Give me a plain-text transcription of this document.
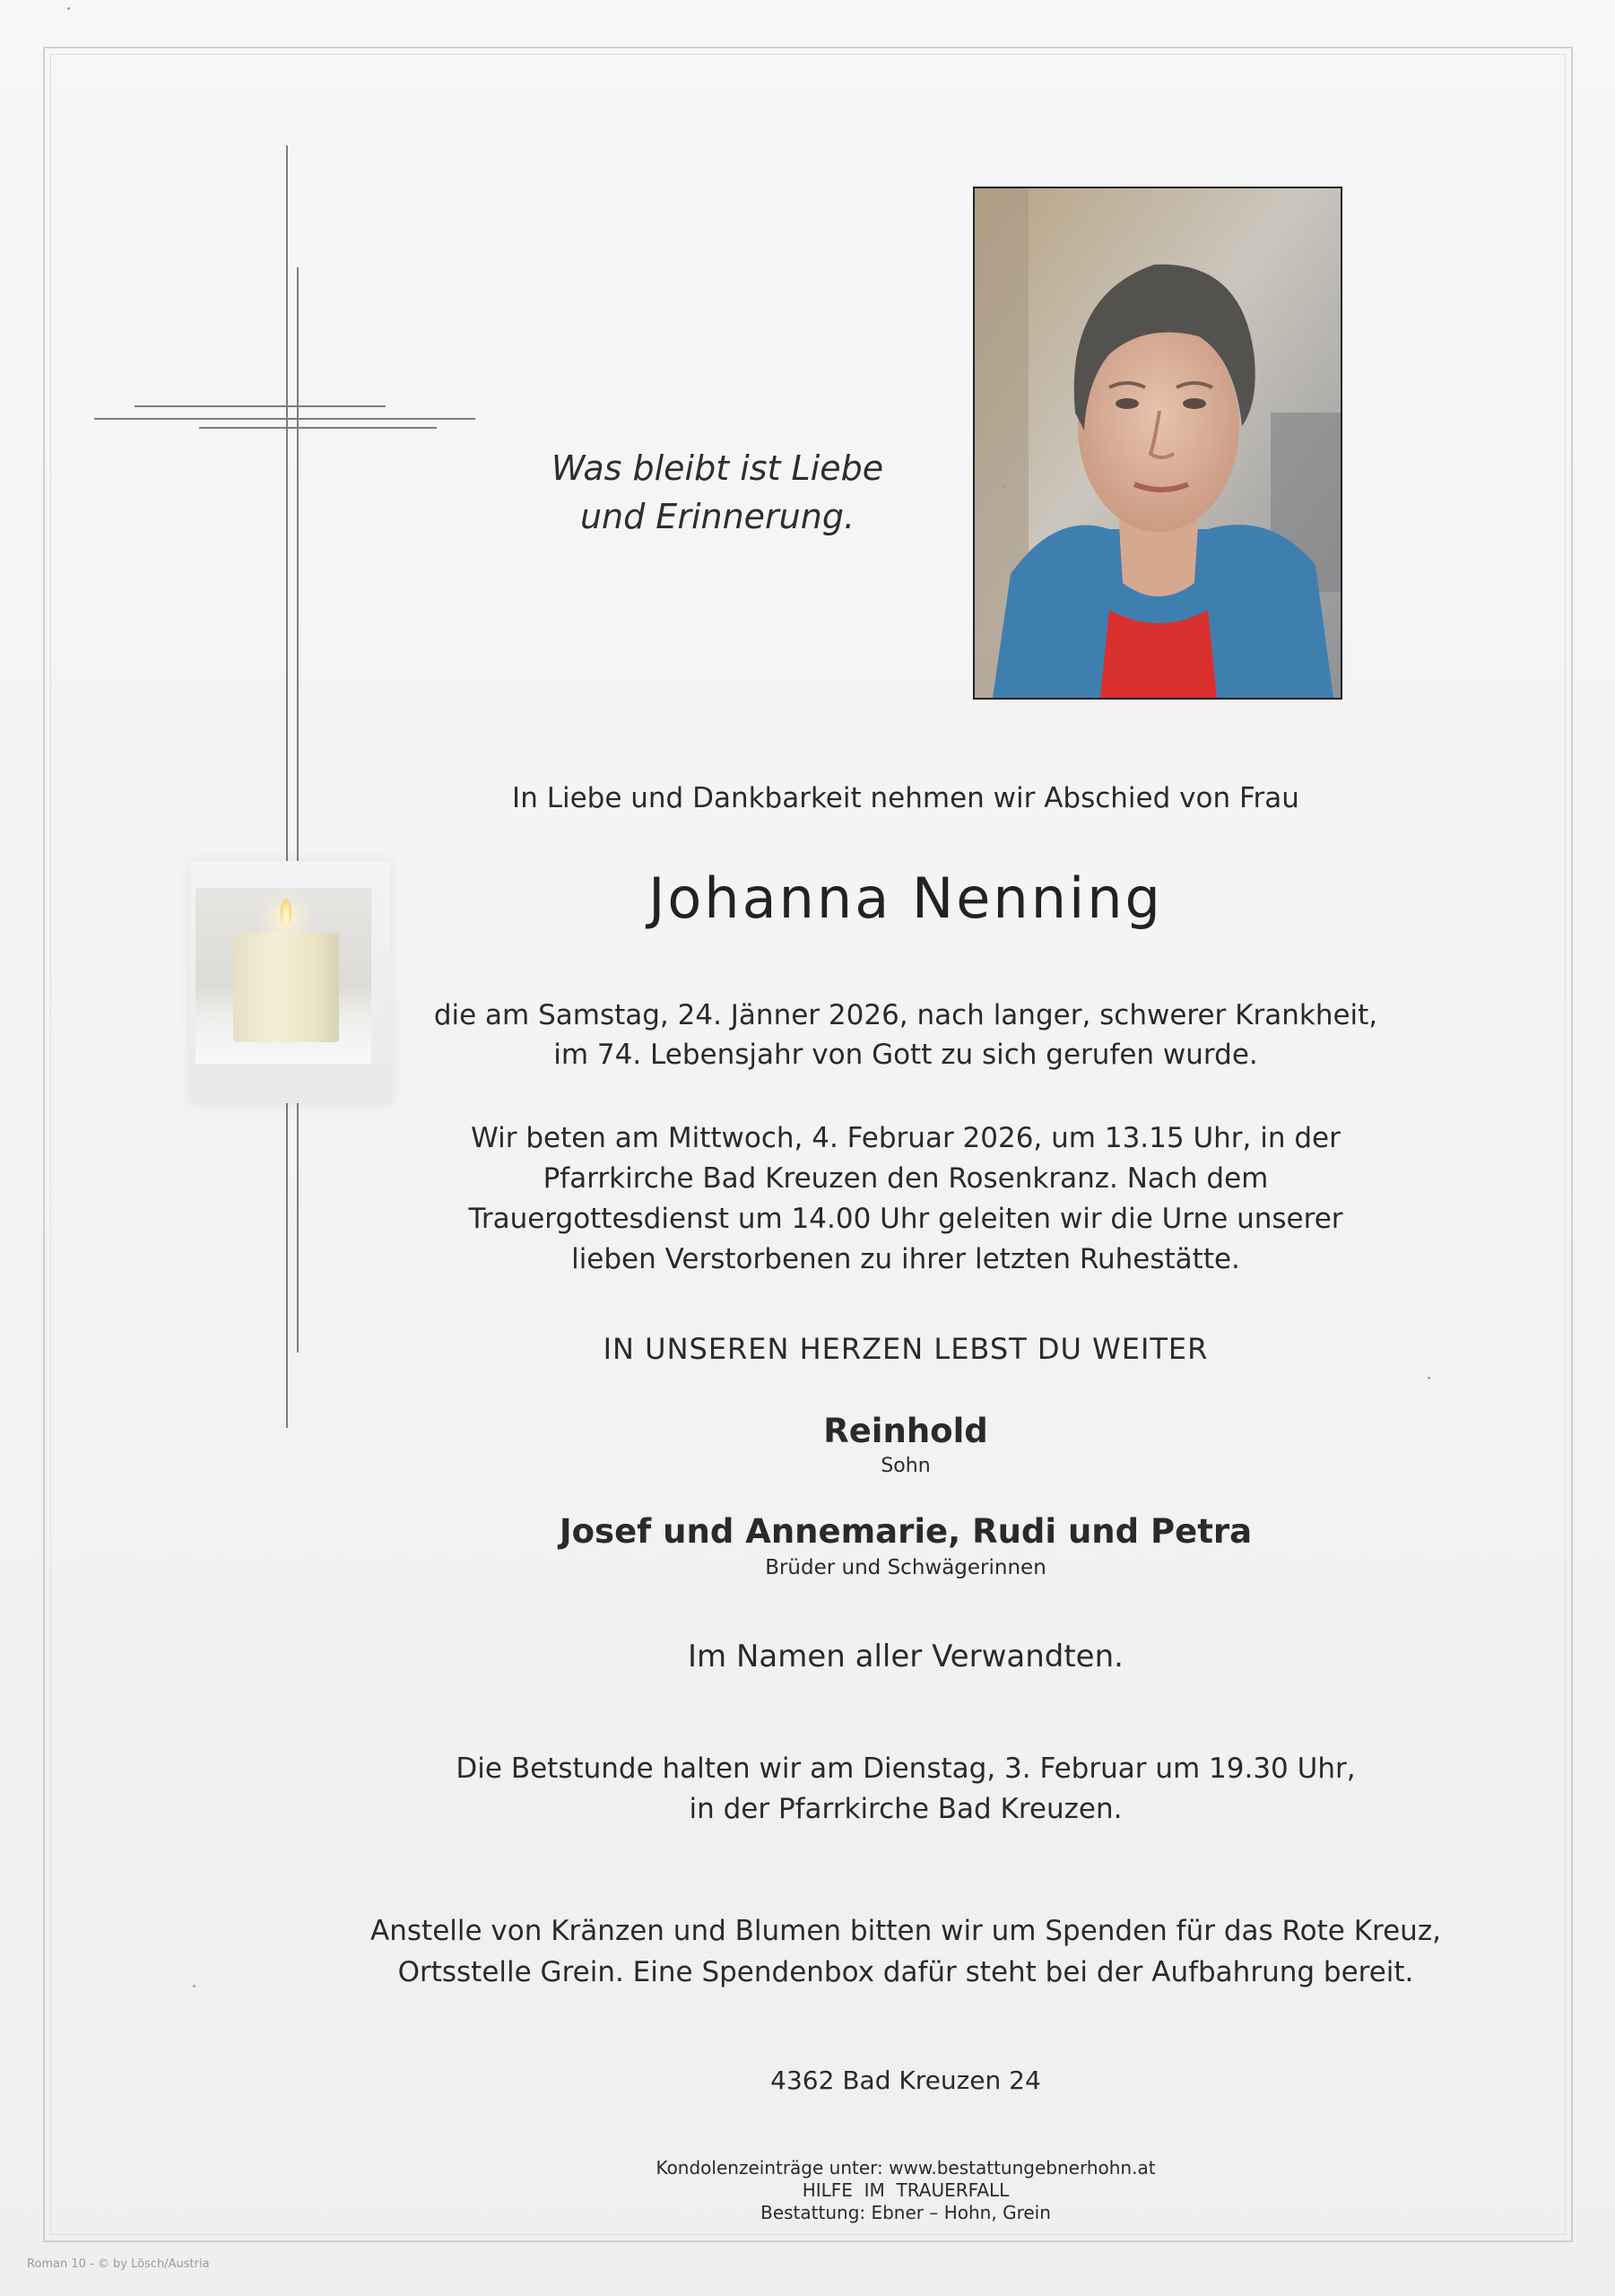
Was bleibt ist Liebe
und Erinnerung.
In Liebe und Dankbarkeit nehmen wir Abschied von Frau
Johanna Nenning
die am Samstag, 24. Jänner 2026, nach langer, schwerer Krankheit,
im 74. Lebensjahr von Gott zu sich gerufen wurde.
Wir beten am Mittwoch, 4. Februar 2026, um 13.15 Uhr, in der
Pfarrkirche Bad Kreuzen den Rosenkranz. Nach dem
Trauergottesdienst um 14.00 Uhr geleiten wir die Urne unserer
lieben Verstorbenen zu ihrer letzten Ruhestätte.
IN UNSEREN HERZEN LEBST DU WEITER
Reinhold
Sohn
Josef und Annemarie, Rudi und Petra
Brüder und Schwägerinnen
Im Namen aller Verwandten.
Die Betstunde halten wir am Dienstag, 3. Februar um 19.30 Uhr,
in der Pfarrkirche Bad Kreuzen.
Anstelle von Kränzen und Blumen bitten wir um Spenden für das Rote Kreuz,
Ortsstelle Grein. Eine Spendenbox dafür steht bei der Aufbahrung bereit.
4362 Bad Kreuzen 24
Kondolenzeinträge unter: www.bestattungebnerhohn.at
HILFE  IM  TRAUERFALL
Bestattung: Ebner – Hohn, Grein
Roman 10 - © by Lösch/Austria
